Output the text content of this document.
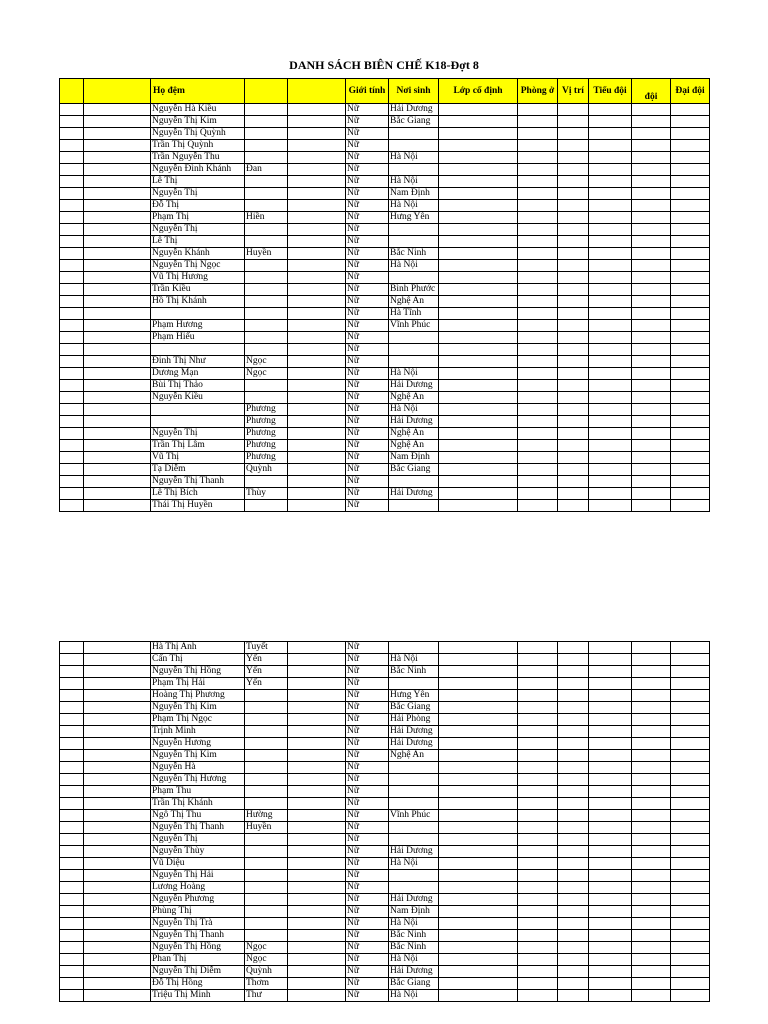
DANH SÁCH BIÊN CHẾ K18-Đợt 8
		Họ đệm			Giới tính	Nơi sinh	Lớp cố định	Phòng ở	Vị trí	Tiểu đội	đội	Đại đội
		Nguyễn Hà Kiều			Nữ	Hải Dương						
		Nguyễn Thị Kim			Nữ	Bắc Giang						
		Nguyễn Thị Quỳnh			Nữ							
		Trần Thị Quỳnh			Nữ							
		Trần Nguyễn Thu			Nữ	Hà Nội						
		Nguyễn Đình Khánh	Đan		Nữ							
		Lê Thị			Nữ	Hà Nội						
		Nguyễn Thị			Nữ	Nam Định						
		Đỗ Thị			Nữ	Hà Nội						
		Phạm Thị	Hiền		Nữ	Hưng Yên						
		Nguyễn Thị			Nữ							
		Lê Thị			Nữ							
		Nguyễn Khánh	Huyền		Nữ	Bắc Ninh						
		Nguyễn Thị Ngọc			Nữ	Hà Nội						
		Vũ Thị Hương			Nữ							
		Trần Kiều			Nữ	Bình Phước						
		Hồ Thị Khánh			Nữ	Nghệ An						
					Nữ	Hà Tĩnh						
		Phạm Hương			Nữ	Vĩnh Phúc						
		Phạm Hiếu			Nữ							
					Nữ							
		Đinh Thị Như	Ngọc		Nữ							
		Dương Mạn	Ngọc		Nữ	Hà Nội						
		Bùi Thị Thảo			Nữ	Hải Dương						
		Nguyễn Kiều			Nữ	Nghệ An						
			Phương		Nữ	Hà Nội						
			Phương		Nữ	Hải Dương						
		Nguyễn Thị	Phương		Nữ	Nghệ An						
		Trần Thị Lâm	Phương		Nữ	Nghệ An						
		Vũ Thị	Phương		Nữ	Nam Định						
		Tạ Diễm	Quỳnh		Nữ	Bắc Giang						
		Nguyễn Thị Thanh			Nữ							
		Lê Thị Bích	Thùy		Nữ	Hải Dương						
		Thái Thị Huyền			Nữ							
		Hà Thị Anh	Tuyết		Nữ							
		Cấn Thị	Yến		Nữ	Hà Nội						
		Nguyễn Thị Hồng	Yến		Nữ	Bắc Ninh						
		Phạm Thị Hải	Yến		Nữ							
		Hoàng Thị Phương			Nữ	Hưng Yên						
		Nguyễn Thị Kim			Nữ	Bắc Giang						
		Phạm Thị Ngọc			Nữ	Hải Phòng						
		Trịnh Minh			Nữ	Hải Dương						
		Nguyễn Hương			Nữ	Hải Dương						
		Nguyễn Thị Kim			Nữ	Nghệ An						
		Nguyễn Hà			Nữ							
		Nguyễn Thị Hương			Nữ							
		Phạm Thu			Nữ							
		Trần Thị Khánh			Nữ							
		Ngô Thị Thu	Hường		Nữ	Vĩnh Phúc						
		Nguyễn Thị Thanh	Huyền		Nữ							
		Nguyễn Thị			Nữ							
		Nguyễn Thùy			Nữ	Hải Dương						
		Vũ Diệu			Nữ	Hà Nội						
		Nguyễn Thị Hải			Nữ							
		Lương Hoàng			Nữ							
		Nguyễn Phương			Nữ	Hải Dương						
		Phùng Thị			Nữ	Nam Định						
		Nguyễn Thị Trà			Nữ	Hà Nội						
		Nguyễn Thị Thanh			Nữ	Bắc Ninh						
		Nguyễn Thị Hồng	Ngọc		Nữ	Bắc Ninh						
		Phan Thị	Ngọc		Nữ	Hà Nội						
		Nguyễn Thị Diễm	Quỳnh		Nữ	Hải Dương						
		Đỗ Thị Hồng	Thơm		Nữ	Bắc Giang						
		Triệu Thị Minh	Thư		Nữ	Hà Nội						
